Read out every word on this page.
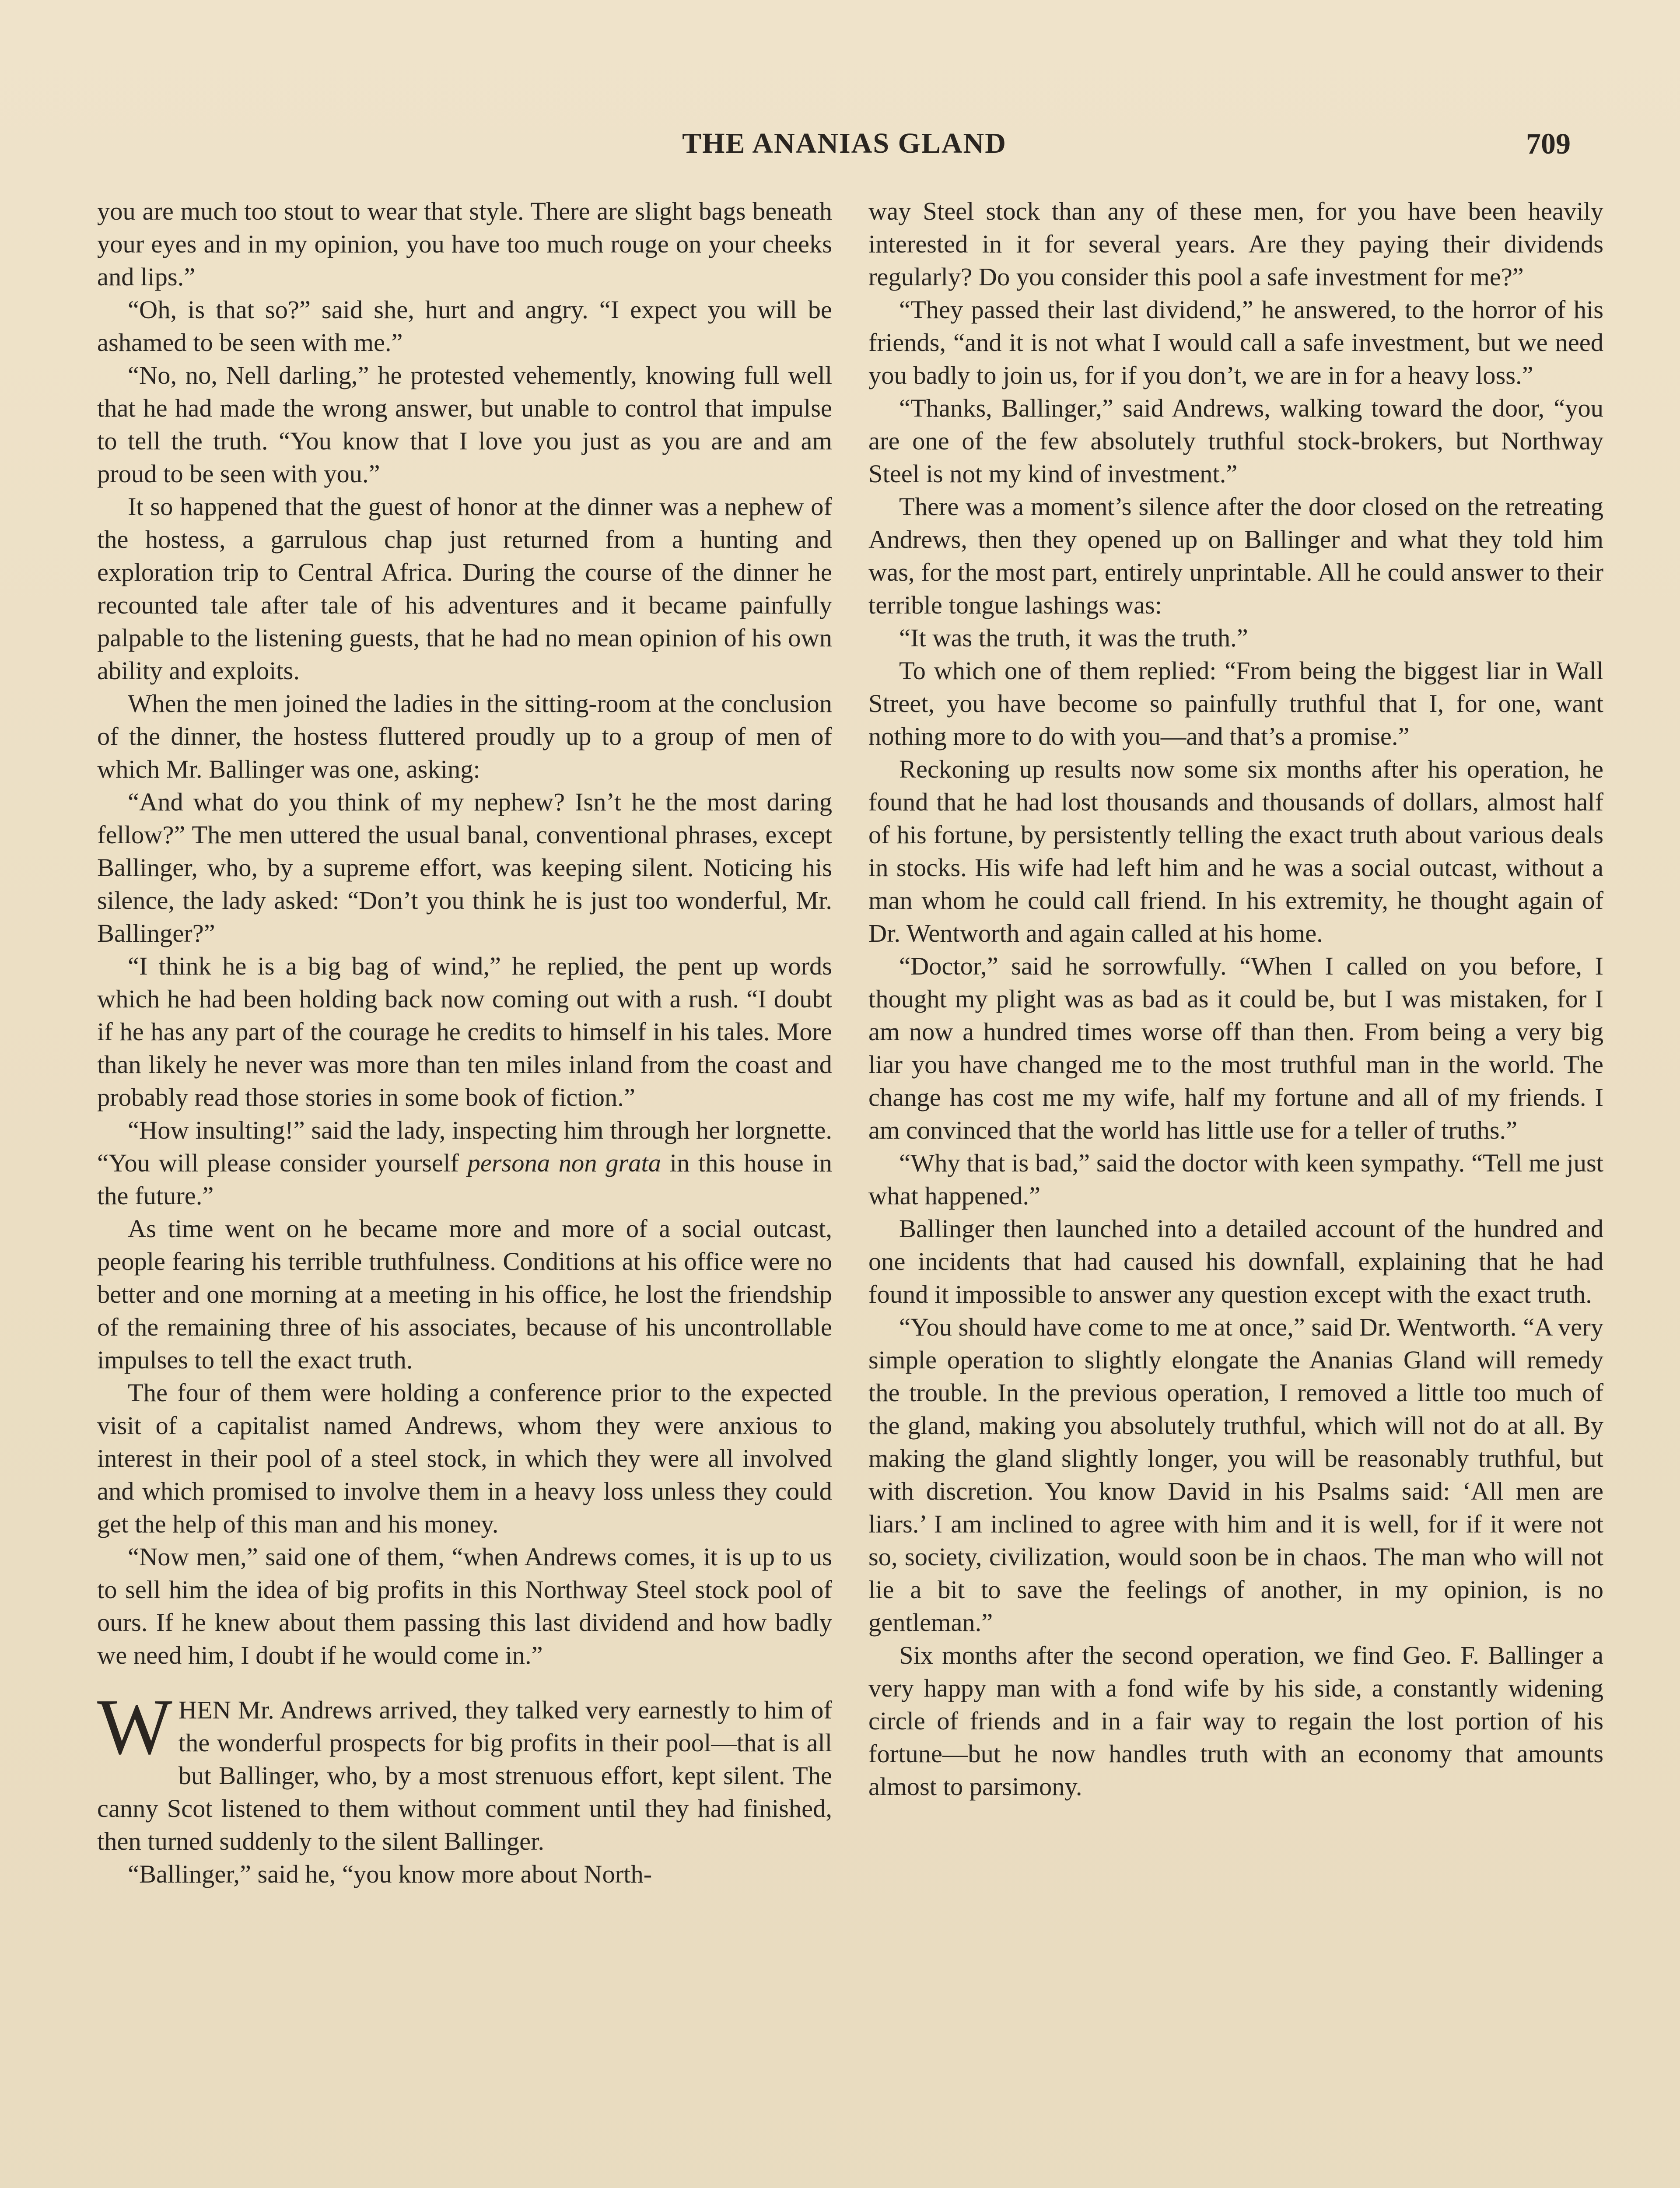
THE ANANIAS GLAND	709

you are much too stout to wear that style. There are slight bags beneath your eyes and in my opinion, you have too much rouge on your cheeks and lips.”

“Oh, is that so?” said she, hurt and angry. “I expect you will be ashamed to be seen with me.”

“No, no, Nell darling,” he protested vehemently, knowing full well that he had made the wrong answer, but unable to control that impulse to tell the truth. “You know that I love you just as you are and am proud to be seen with you.”

It so happened that the guest of honor at the dinner was a nephew of the hostess, a garrulous chap just returned from a hunting and exploration trip to Central Africa. During the course of the dinner he recounted tale after tale of his adventures and it became painfully palpable to the listening guests, that he had no mean opinion of his own ability and exploits.

When the men joined the ladies in the sitting-room at the conclusion of the dinner, the hostess fluttered proudly up to a group of men of which Mr. Ballinger was one, asking:

“And what do you think of my nephew? Isn’t he the most daring fellow?” The men uttered the usual banal, conventional phrases, except Ballinger, who, by a supreme effort, was keeping silent. Noticing his silence, the lady asked: “Don’t you think he is just too wonderful, Mr. Ballinger?”

“I think he is a big bag of wind,” he replied, the pent up words which he had been holding back now coming out with a rush. “I doubt if he has any part of the courage he credits to himself in his tales. More than likely he never was more than ten miles inland from the coast and probably read those stories in some book of fiction.”

“How insulting!” said the lady, inspecting him through her lorgnette. “You will please consider yourself persona non grata in this house in the future.”

As time went on he became more and more of a social outcast, people fearing his terrible truthfulness. Conditions at his office were no better and one morning at a meeting in his office, he lost the friendship of the remaining three of his associates, because of his uncontrollable impulses to tell the exact truth.

The four of them were holding a conference prior to the expected visit of a capitalist named Andrews, whom they were anxious to interest in their pool of a steel stock, in which they were all involved and which promised to involve them in a heavy loss unless they could get the help of this man and his money.

“Now men,” said one of them, “when Andrews comes, it is up to us to sell him the idea of big profits in this Northway Steel stock pool of ours. If he knew about them passing this last dividend and how badly we need him, I doubt if he would come in.”

WHEN Mr. Andrews arrived, they talked very earnestly to him of the wonderful prospects for big profits in their pool—that is all but Ballinger, who, by a most strenuous effort, kept silent. The canny Scot listened to them without comment until they had finished, then turned suddenly to the silent Ballinger.

“Ballinger,” said he, “you know more about North-

way Steel stock than any of these men, for you have been heavily interested in it for several years. Are they paying their dividends regularly? Do you consider this pool a safe investment for me?”

“They passed their last dividend,” he answered, to the horror of his friends, “and it is not what I would call a safe investment, but we need you badly to join us, for if you don’t, we are in for a heavy loss.”

“Thanks, Ballinger,” said Andrews, walking toward the door, “you are one of the few absolutely truthful stock-brokers, but Northway Steel is not my kind of investment.”

There was a moment’s silence after the door closed on the retreating Andrews, then they opened up on Ballinger and what they told him was, for the most part, entirely unprintable. All he could answer to their terrible tongue lashings was:

“It was the truth, it was the truth.”

To which one of them replied: “From being the biggest liar in Wall Street, you have become so painfully truthful that I, for one, want nothing more to do with you—and that’s a promise.”

Reckoning up results now some six months after his operation, he found that he had lost thousands and thousands of dollars, almost half of his fortune, by persistently telling the exact truth about various deals in stocks. His wife had left him and he was a social outcast, without a man whom he could call friend. In his extremity, he thought again of Dr. Wentworth and again called at his home.

“Doctor,” said he sorrowfully. “When I called on you before, I thought my plight was as bad as it could be, but I was mistaken, for I am now a hundred times worse off than then. From being a very big liar you have changed me to the most truthful man in the world. The change has cost me my wife, half my fortune and all of my friends. I am convinced that the world has little use for a teller of truths.”

“Why that is bad,” said the doctor with keen sympathy. “Tell me just what happened.”

Ballinger then launched into a detailed account of the hundred and one incidents that had caused his downfall, explaining that he had found it impossible to answer any question except with the exact truth.

“You should have come to me at once,” said Dr. Wentworth. “A very simple operation to slightly elongate the Ananias Gland will remedy the trouble. In the previous operation, I removed a little too much of the gland, making you absolutely truthful, which will not do at all. By making the gland slightly longer, you will be reasonably truthful, but with discretion. You know David in his Psalms said: ‘All men are liars.’ I am inclined to agree with him and it is well, for if it were not so, society, civilization, would soon be in chaos. The man who will not lie a bit to save the feelings of another, in my opinion, is no gentleman.”

Six months after the second operation, we find Geo. F. Ballinger a very happy man with a fond wife by his side, a constantly widening circle of friends and in a fair way to regain the lost portion of his fortune—but he now handles truth with an economy that amounts almost to parsimony.
